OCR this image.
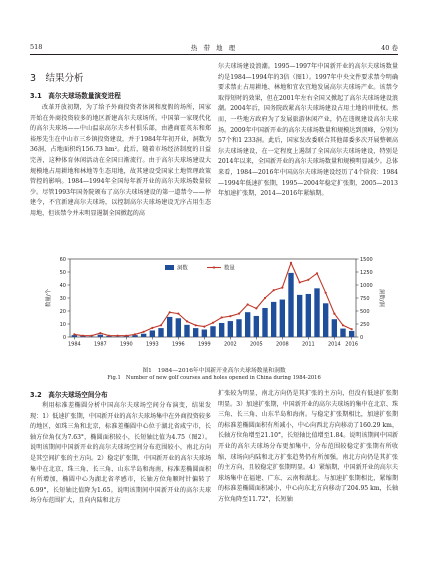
518	热 带 地 理	40 卷
3　结果分析
3.1　高尔夫球场数量演变进程

改革开放初期，为了给予外商投资者休闲和度假的场所，国家开始在外商投资较多的地区新建高尔夫球场所。中国第一家现代化的高尔夫球场——中山温泉高尔夫乡村俱乐部，由港商霍英东和郑裕彤先生在中山市三乡镇投资建设，并于1984年年初开业，洞数为36洞，占地面积约156.73 hm²。此后，随着市场经济制度的日益完善，这种体育休闲活动在全国日渐流行。由于高尔夫球场建设大规模地占用耕地和林地等生态用地，故其建设受国家土地管理政策管控的影响。1984—1994年全国每年新开业的高尔夫球场数量较少。尽管1993年国务院颁布了高尔夫球场建设的第一道禁令——停建令，不宜新建高尔夫球场，以控制高尔夫球场建设无序占用生态用地，但该禁令并未明显遏制全国掀起的高

尔夫球场建设浪潮。1995—1997年中国新开业的高尔夫球场数量约是1984—1994年的3倍（图1）。1997年中央文件要求禁令明确要求禁止占用耕地、林地和宜农宜地发展高尔夫球场产业。该禁令取得短时的效果，但在2001年左右全国又掀起了高尔夫球场建设浪潮。2004年后，国务院政紧高尔夫球场建设占用土地的审批权。然而，一些地方政府为了发展旅游休闲产业，仍在违规建设高尔夫球场。2009年中国新开业的高尔夫球场数量和规模达到顶峰，分别为57个和1 233洞。此后，国家发改委联合其他部委多次开展整顿高尔夫球场建设，在一定程度上遏制了全国高尔夫球场建设，特别是2014年以来，全国新开业的高尔夫球场数量和规模明显减少。总体来看，1984—2016年中国高尔夫球场建设经历了4个阶段：1984—1994年低速扩张期，1995—2004年稳定扩张期，2005—2013年加速扩张期，2014—2016年紧缩期。

0
10
20
30
40
50
60
0
250
500
750
1000
1250
1500
1984	1987	1990	1993	1996	1999	2002	2005	2008	2011	2014 2016
数量/个	洞数/洞
洞数	数量
图1　1984—2016年中国新开业高尔夫球场数量和洞数
Fig.1　Number of new golf courses and holes opened in China during 1984-2016
3.2　高尔夫球场空间分布

利用标准差椭圆分析中国高尔夫球场空间分布演变，结果发现：1）低速扩张期，中国新开业的高尔夫球场集中在外商投资较多的地区，如珠三角和北京，标准差椭圆中心位于湖北省咸宁市，长轴方位角仅为7.63°，椭圆面积较小，长短轴比值为4.75（图2）。说明该期间中国新开业的高尔夫球场空间分布范围较小，南北方向是其空间扩张的主方向。2）稳定扩张期，中国新开业的高尔夫球场集中在北京、珠三角、长三角、山东半岛和海南，标准差椭圆面积有所增加，椭圆中心为湖北省孝感市，长轴方位角顺时针偏转了6.99°，长短轴比值降为1.65。说明该期间中国新开业的高尔夫球场分布范围扩大，且向内陆和北方

扩张较为明显，南北方向仍是其扩张的主方向，但没有低速扩张期明显。3）加速扩张期，中国新开业的高尔夫球场的集中在北京、珠三角、长三角、山东半岛和海南。与稳定扩张期相比，加速扩张期的标准差椭圆面积有所减小，中心向西北方向移动了160.29 km，长轴方位角增至21.10°，长短轴比值增至1.84。说明该期间中国新开业的高尔夫球场分布更加集中，分布范围较稳定扩张期有所收缩，球场向内陆和北方扩张趋势仍有所加强，南北方向仍是其扩张的主方向，且较稳定扩张期明显。4）紧缩期，中国新开业的高尔夫球场集中在福建、广东、云南和湖北。与加速扩张期相比，紧缩期的标准差椭圆面积减小，中心向东北方向移动了204.95 km，长轴方位角降至11.72°，长短轴
